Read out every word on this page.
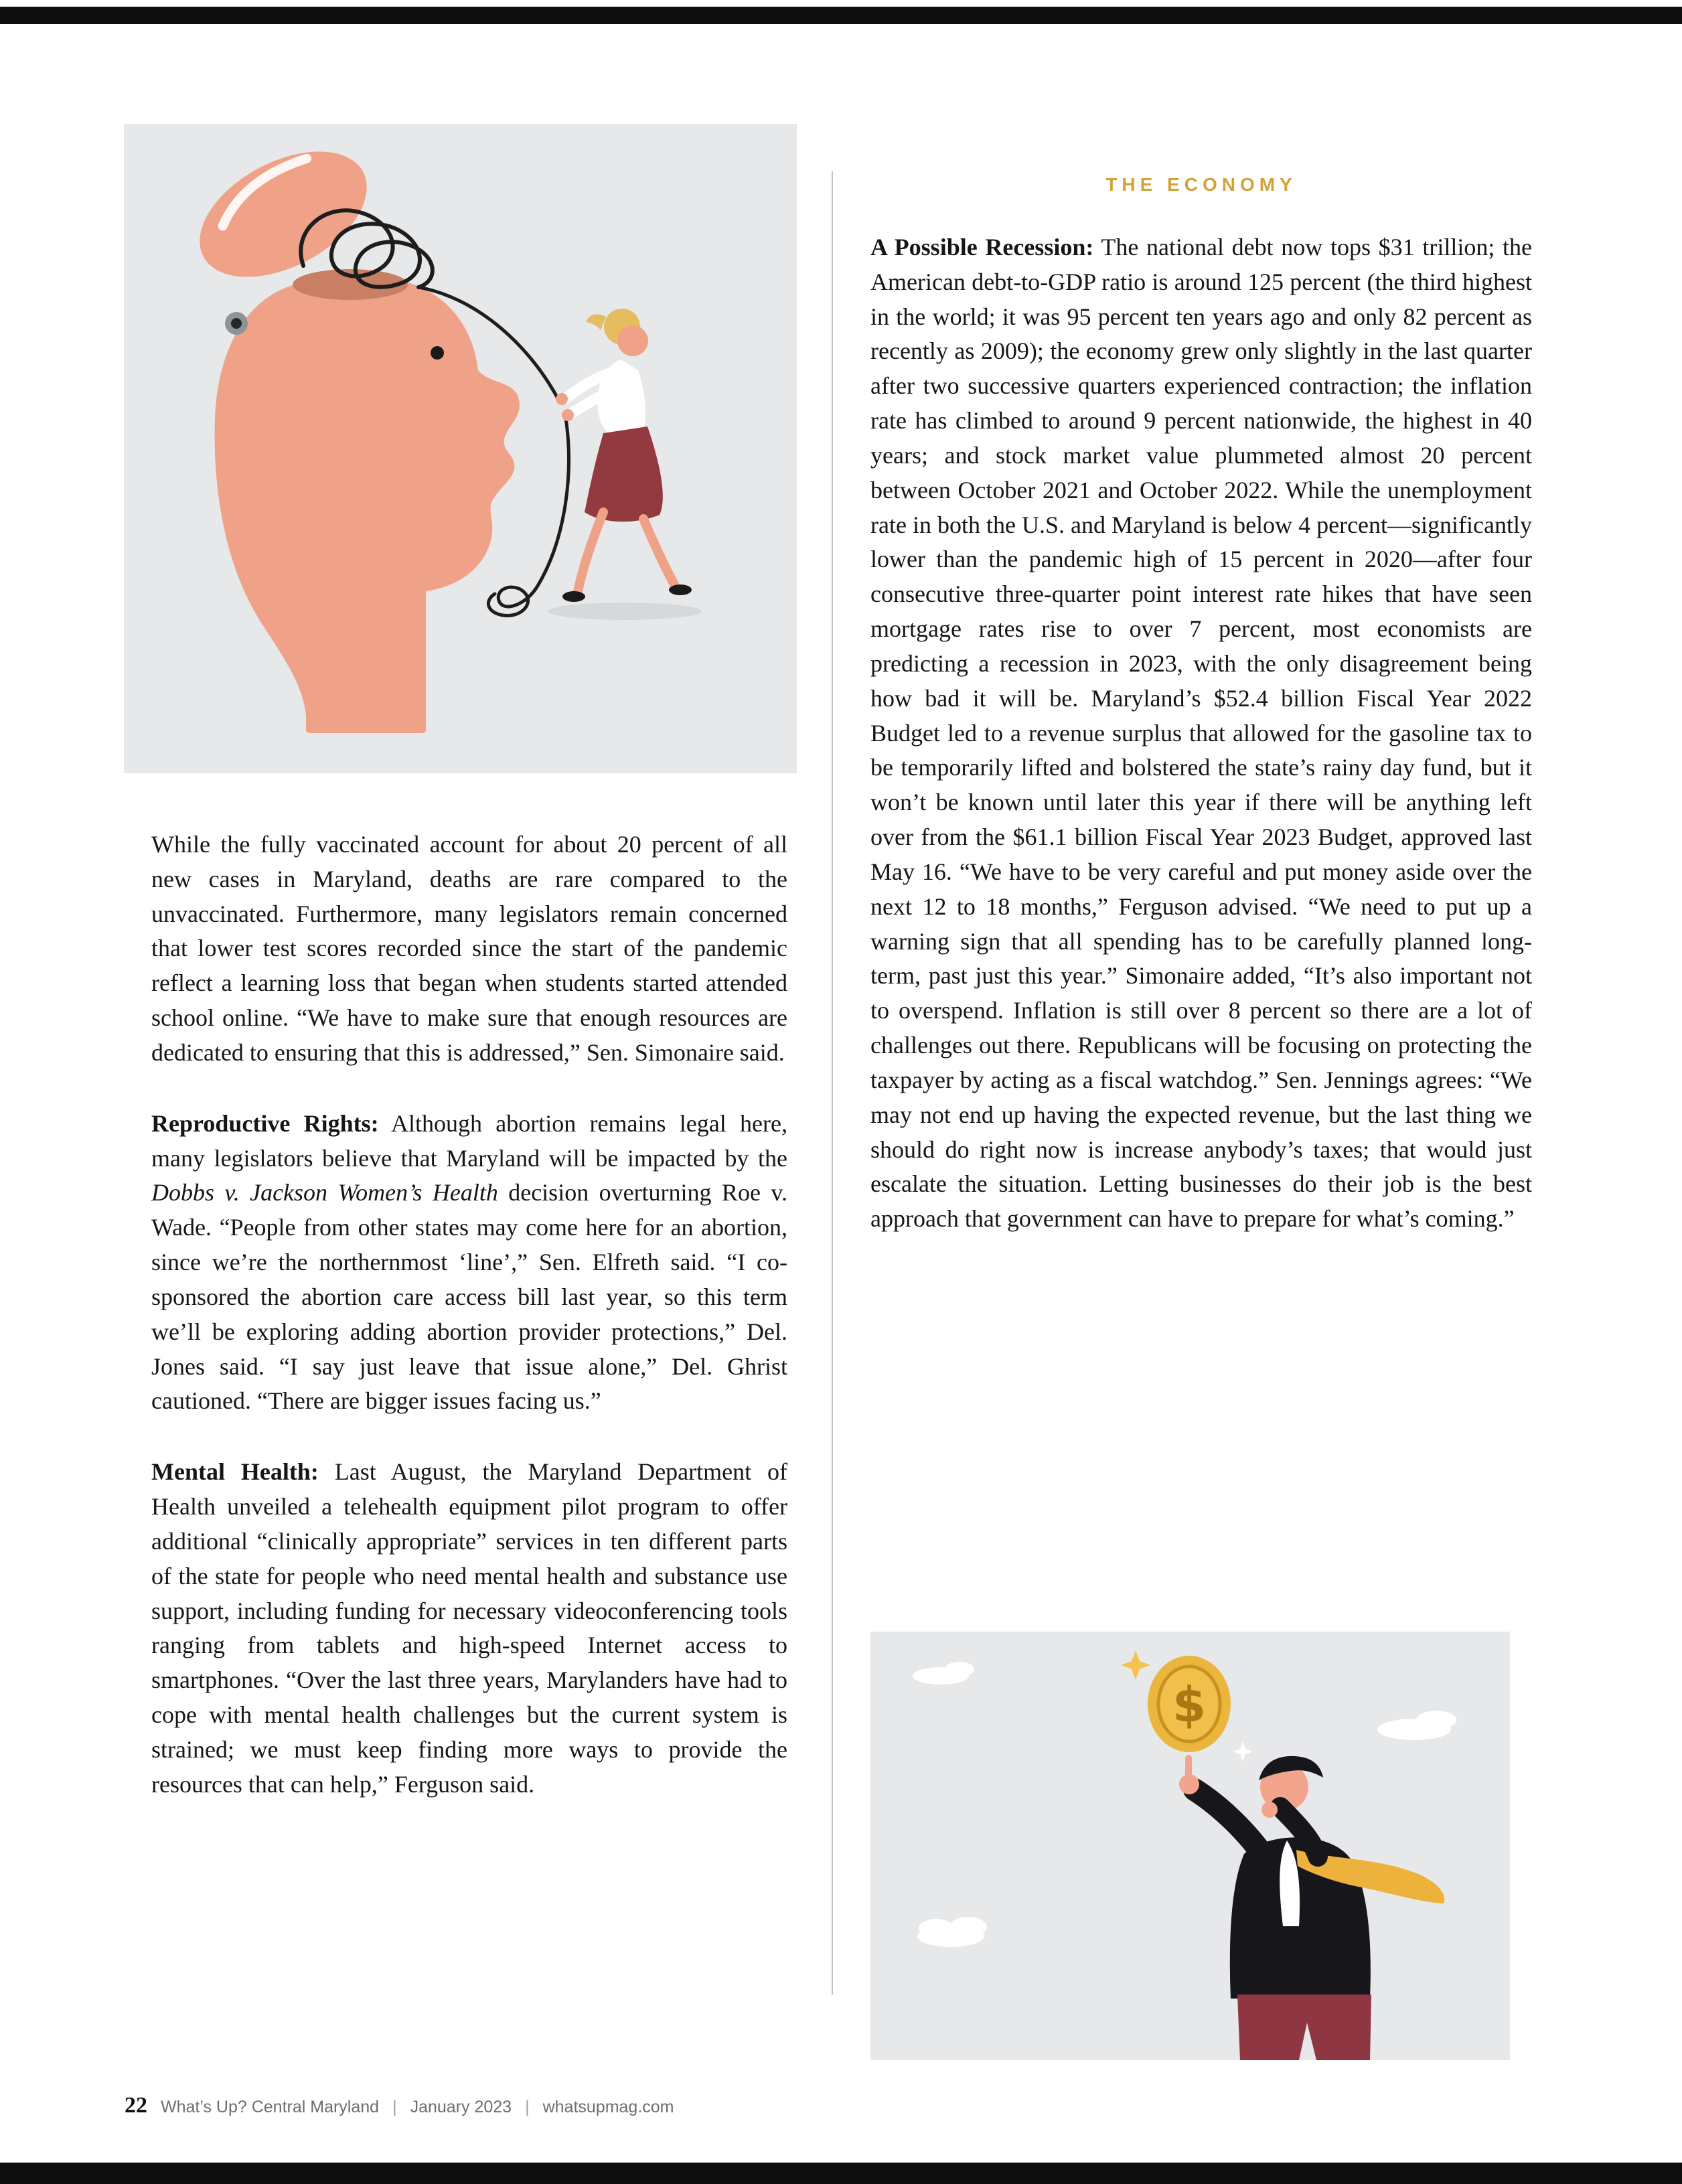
While the fully vaccinated account for about 20 percent of all new cases in Maryland, deaths are rare compared to the unvaccinated. Furthermore, many legislators remain concerned that lower test scores recorded since the start of the pandemic reflect a learning loss that began when students started attended school online. “We have to make sure that enough resources are dedicated to ensuring that this is addressed,” Sen. Simonaire said.

Reproductive Rights: Although abortion remains legal here, many legislators believe that Maryland will be impacted by the Dobbs v. Jackson Women’s Health decision overturning Roe v. Wade. “People from other states may come here for an abortion, since we’re the northernmost ‘line’,” Sen. Elfreth said. “I co-sponsored the abortion care access bill last year, so this term we’ll be exploring adding abortion provider protections,” Del. Jones said. “I say just leave that issue alone,” Del. Ghrist cautioned. “There are bigger issues facing us.”

Mental Health: Last August, the Maryland Department of Health unveiled a telehealth equipment pilot program to offer additional “clinically appropriate” services in ten different parts of the state for people who need mental health and substance use support, including funding for necessary videoconferencing tools ranging from tablets and high-speed Internet access to smartphones. “Over the last three years, Marylanders have had to cope with mental health challenges but the current system is strained; we must keep finding more ways to provide the resources that can help,” Ferguson said.

THE ECONOMY

A Possible Recession: The national debt now tops $31 trillion; the American debt-to-GDP ratio is around 125 percent (the third highest in the world; it was 95 percent ten years ago and only 82 percent as recently as 2009); the economy grew only slightly in the last quarter after two successive quarters experienced contraction; the inflation rate has climbed to around 9 percent nationwide, the highest in 40 years; and stock market value plummeted almost 20 percent between October 2021 and October 2022. While the unemployment rate in both the U.S. and Maryland is below 4 percent—significantly lower than the pandemic high of 15 percent in 2020—after four consecutive three-quarter point interest rate hikes that have seen mortgage rates rise to over 7 percent, most economists are predicting a recession in 2023, with the only disagreement being how bad it will be. Maryland’s $52.4 billion Fiscal Year 2022 Budget led to a revenue surplus that allowed for the gasoline tax to be temporarily lifted and bolstered the state’s rainy day fund, but it won’t be known until later this year if there will be anything left over from the $61.1 billion Fiscal Year 2023 Budget, approved last May 16. “We have to be very careful and put money aside over the next 12 to 18 months,” Ferguson advised. “We need to put up a warning sign that all spending has to be carefully planned long-term, past just this year.” Simonaire added, “It’s also important not to overspend. Inflation is still over 8 percent so there are a lot of challenges out there. Republicans will be focusing on protecting the taxpayer by acting as a fiscal watchdog.” Sen. Jennings agrees: “We may not end up having the expected revenue, but the last thing we should do right now is increase anybody’s taxes; that would just escalate the situation. Letting businesses do their job is the best approach that government can have to prepare for what’s coming.”

$
22 What’s Up? Central Maryland | January 2023 | whatsupmag.com
